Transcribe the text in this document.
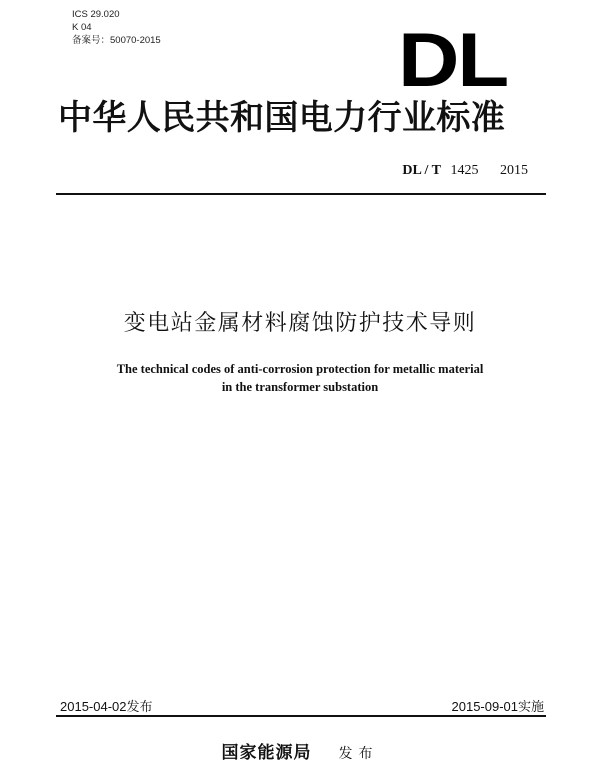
ICS 29.020
K 04
备案号：50070-2015	DL
中华人民共和国电力行业标准
DL / T 1425 2015
变电站金属材料腐蚀防护技术导则
The technical codes of anti-corrosion protection for metallic material
in the transformer substation
2015-04-02发布	2015-09-01实施
国家能源局 发布
